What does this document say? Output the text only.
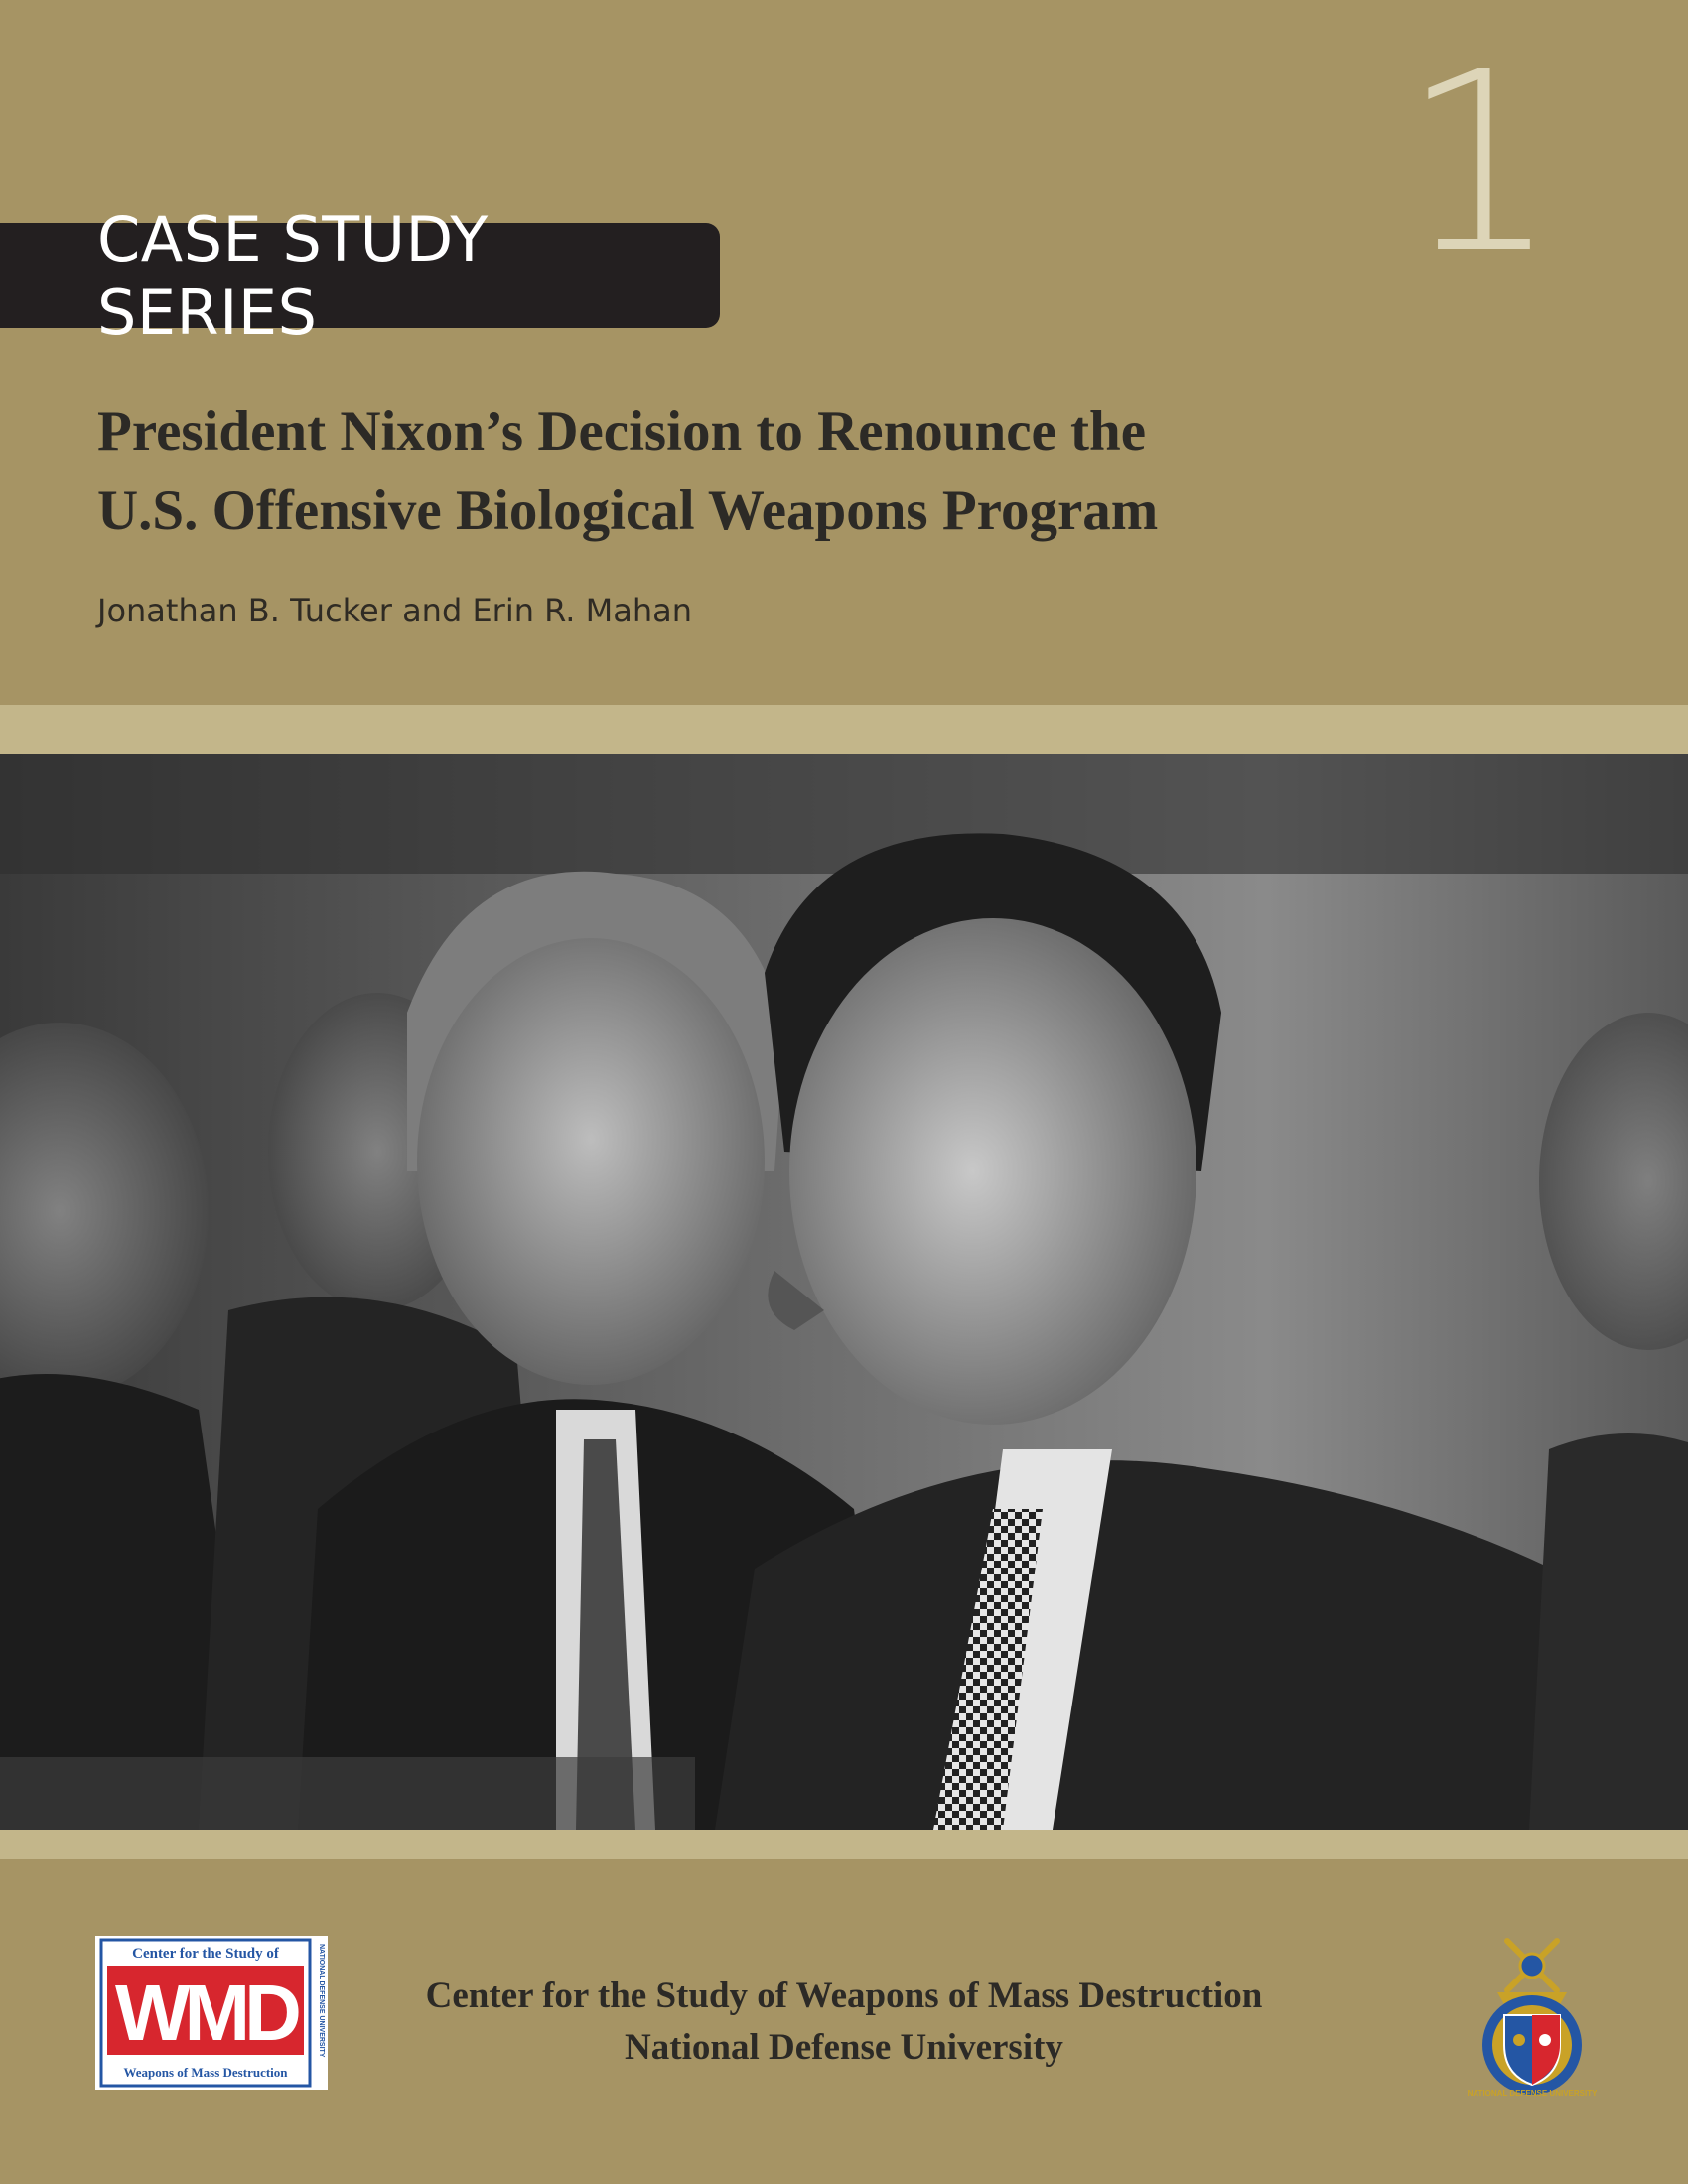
1
CASE STUDY SERIES
President Nixon’s Decision to Renounce the
U.S. Offensive Biological Weapons Program
Jonathan B. Tucker and Erin R. Mahan
Center for the Study of
WMD
Weapons of Mass Destruction
NATIONAL DEFENSE UNIVERSITY	Center for the Study of Weapons of Mass Destruction
National Defense University
NATIONAL DEFENSE UNIVERSITY
